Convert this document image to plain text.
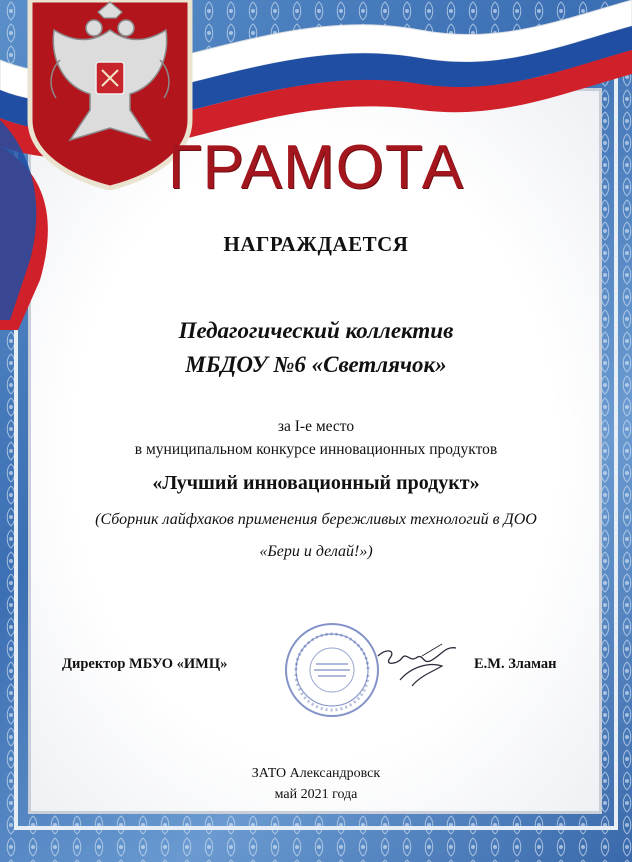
ГРАМОТА
НАГРАЖДАЕТСЯ
Педагогический коллектив
МБДОУ №6 «Светлячок»
за I-е место
в муниципальном конкурсе инновационных продуктов
«Лучший инновационный продукт»
(Сборник лайфхаков применения бережливых технологий в ДОО
«Бери и делай!»)
Директор МБУО «ИМЦ»	Е.М. Зламан
ЗАТО Александровск
май 2021 года
